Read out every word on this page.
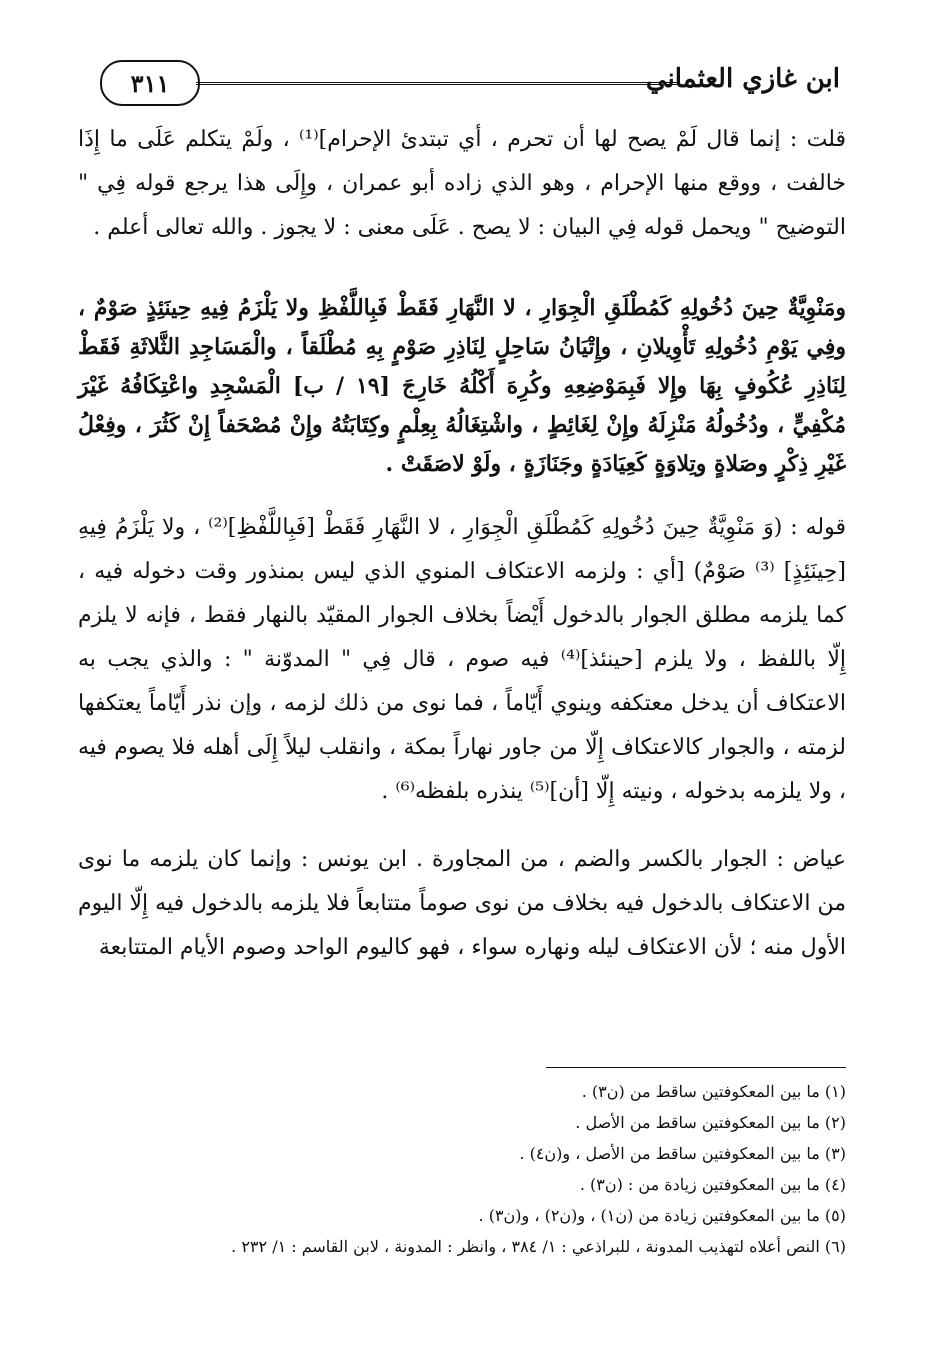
٣١١	ابن غازي العثماني

قلت : إنما قال لَمْ يصح لها أن تحرم ، أي تبتدئ الإحرام]⁽¹⁾ ، ولَمْ يتكلم عَلَى ما إِذَا خالفت ، ووقع منها الإحرام ، وهو الذي زاده أبو عمران ، وإِلَى هذا يرجع قوله فِي " التوضيح " ويحمل قوله فِي البيان : لا يصح . عَلَى معنى : لا يجوز . والله تعالى أعلم .

ومَنْوِيَّةٌ حِينَ دُخُولِهِ كَمُطْلَقِ الْجِوَارِ ، لا النَّهَارِ فَقَطْ فَبِاللَّفْظِ ولا يَلْزَمُ فِيهِ حِينَئِذٍ صَوْمٌ ، وفِي يَوْمِ دُخُولِهِ تَأْوِيلانِ ، وإِتْيَانُ سَاحِلٍ لِنَاذِرِ صَوْمٍ بِهِ مُطْلَقاً ، والْمَسَاجِدِ الثَّلاثَةِ فَقَطْ لِنَاذِرِ عُكُوفٍ بِهَا وإِلا فَبِمَوْضِعِهِ وكُرِهَ أَكْلُهُ خَارِجَ [١٩ / ب] الْمَسْجِدِ واعْتِكَافُهُ غَيْرَ مُكْفِيٍّ ، ودُخُولُهُ مَنْزِلَهُ وإِنْ لِغَائِطٍ ، واشْتِغَالُهُ بِعِلْمٍ وكِتَابَتُهُ وإِنْ مُصْحَفاً إِنْ كَثُرَ ، وفِعْلُ غَيْرِ ذِكْرٍ وصَلاةٍ وتِلاوَةٍ كَعِيَادَةٍ وجَنَازَةٍ ، ولَوْ لاصَقَتْ .

قوله : (وَ مَنْوِيَّةٌ حِينَ دُخُولِهِ كَمُطْلَقِ الْجِوَارِ ، لا النَّهَارِ فَقَطْ [فَبِاللَّفْظِ]⁽²⁾ ، ولا يَلْزَمُ فِيهِ [حِينَئِذٍ] ⁽³⁾ صَوْمٌ) [أي : ولزمه الاعتكاف المنوي الذي ليس بمنذور وقت دخوله فيه ، كما يلزمه مطلق الجوار بالدخول أَيْضاً بخلاف الجوار المقيّد بالنهار فقط ، فإنه لا يلزم إِلّا باللفظ ، ولا يلزم [حينئذ]⁽⁴⁾ فيه صوم ، قال فِي " المدوّنة " : والذي يجب به الاعتكاف أن يدخل معتكفه وينوي أَيّاماً ، فما نوى من ذلك لزمه ، وإن نذر أَيّاماً يعتكفها لزمته ، والجوار كالاعتكاف إِلّا من جاور نهاراً بمكة ، وانقلب ليلاً إِلَى أهله فلا يصوم فيه ، ولا يلزمه بدخوله ، ونيته إِلّا [أن]⁽⁵⁾ ينذره بلفظه⁽⁶⁾ .

عياض : الجوار بالكسر والضم ، من المجاورة . ابن يونس : وإنما كان يلزمه ما نوى من الاعتكاف بالدخول فيه بخلاف من نوى صوماً متتابعاً فلا يلزمه بالدخول فيه إِلّا اليوم الأول منه ؛ لأن الاعتكاف ليله ونهاره سواء ، فهو كاليوم الواحد وصوم الأيام المتتابعة

(١) ما بين المعكوفتين ساقط من (ن٣) .
(٢) ما بين المعكوفتين ساقط من الأصل .
(٣) ما بين المعكوفتين ساقط من الأصل ، و(ن٤) .
(٤) ما بين المعكوفتين زيادة من : (ن٣) .
(٥) ما بين المعكوفتين زيادة من (ن١) ، و(ن٢) ، و(ن٣) .
(٦) النص أعلاه لتهذيب المدونة ، للبراذعي : ١/ ٣٨٤ ، وانظر : المدونة ، لابن القاسم : ١/ ٢٣٢ .
